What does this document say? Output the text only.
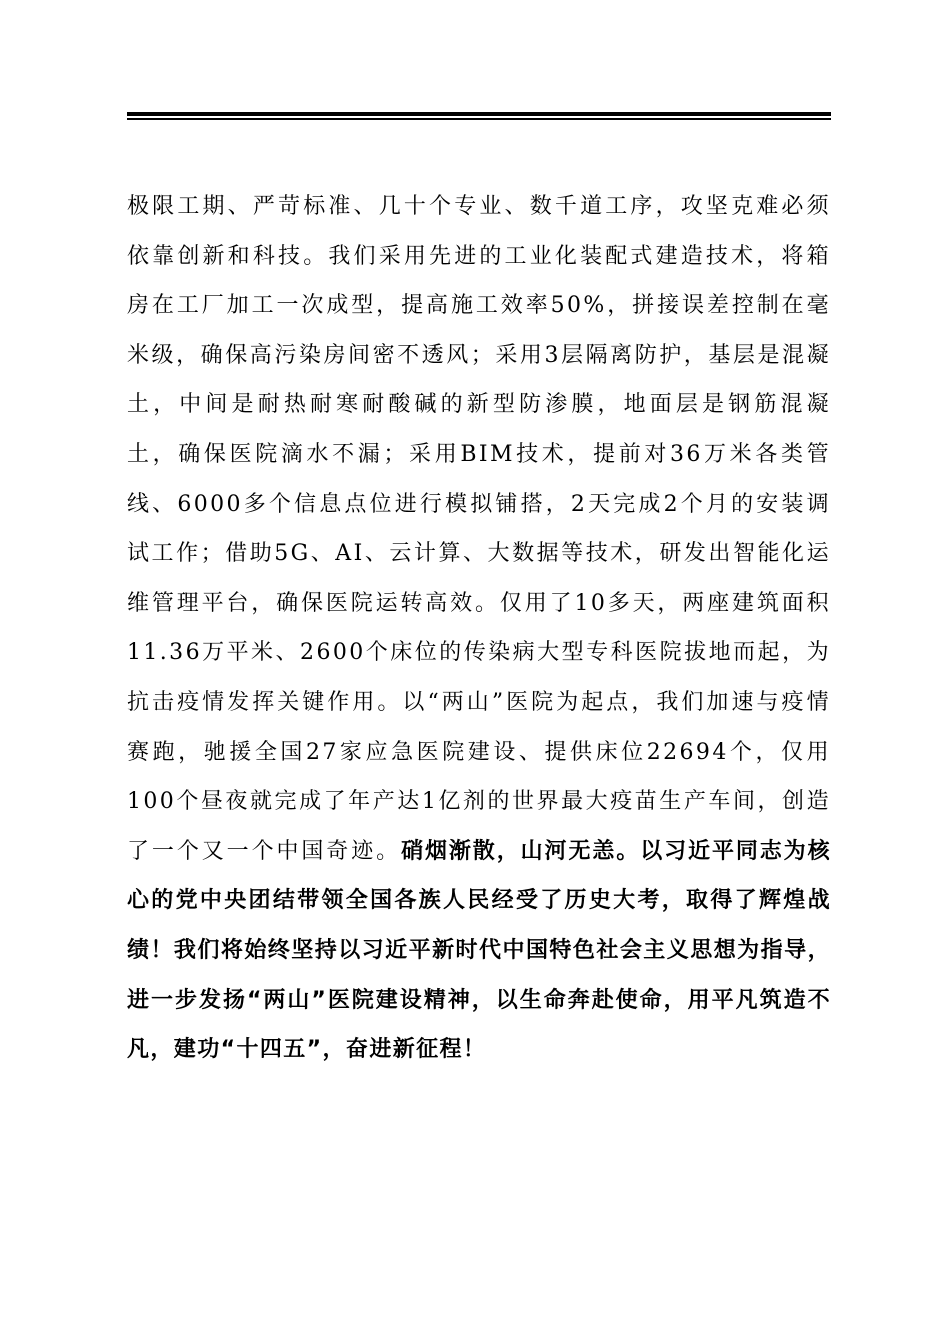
极限工期、严苛标准、几十个专业、数千道工序，攻坚克难必须依靠创新和科技。我们采用先进的工业化装配式建造技术，将箱房在工厂加工一次成型，提高施工效率50%，拼接误差控制在毫米级，确保高污染房间密不透风；采用3层隔离防护，基层是混凝土，中间是耐热耐寒耐酸碱的新型防渗膜，地面层是钢筋混凝土，确保医院滴水不漏；采用BIM技术，提前对36万米各类管线、6000多个信息点位进行模拟铺搭，2天完成2个月的安装调试工作；借助5G、AI、云计算、大数据等技术，研发出智能化运维管理平台，确保医院运转高效。仅用了10多天，两座建筑面积11.36万平米、2600个床位的传染病大型专科医院拔地而起，为抗击疫情发挥关键作用。以“两山”医院为起点，我们加速与疫情赛跑，驰援全国27家应急医院建设、提供床位22694个，仅用100个昼夜就完成了年产达1亿剂的世界最大疫苗生产车间，创造了一个又一个中国奇迹。硝烟渐散，山河无恙。以习近平同志为核心的党中央团结带领全国各族人民经受了历史大考，取得了辉煌战绩！我们将始终坚持以习近平新时代中国特色社会主义思想为指导，进一步发扬“两山”医院建设精神，以生命奔赴使命，用平凡筑造不凡，建功“十四五”，奋进新征程！
